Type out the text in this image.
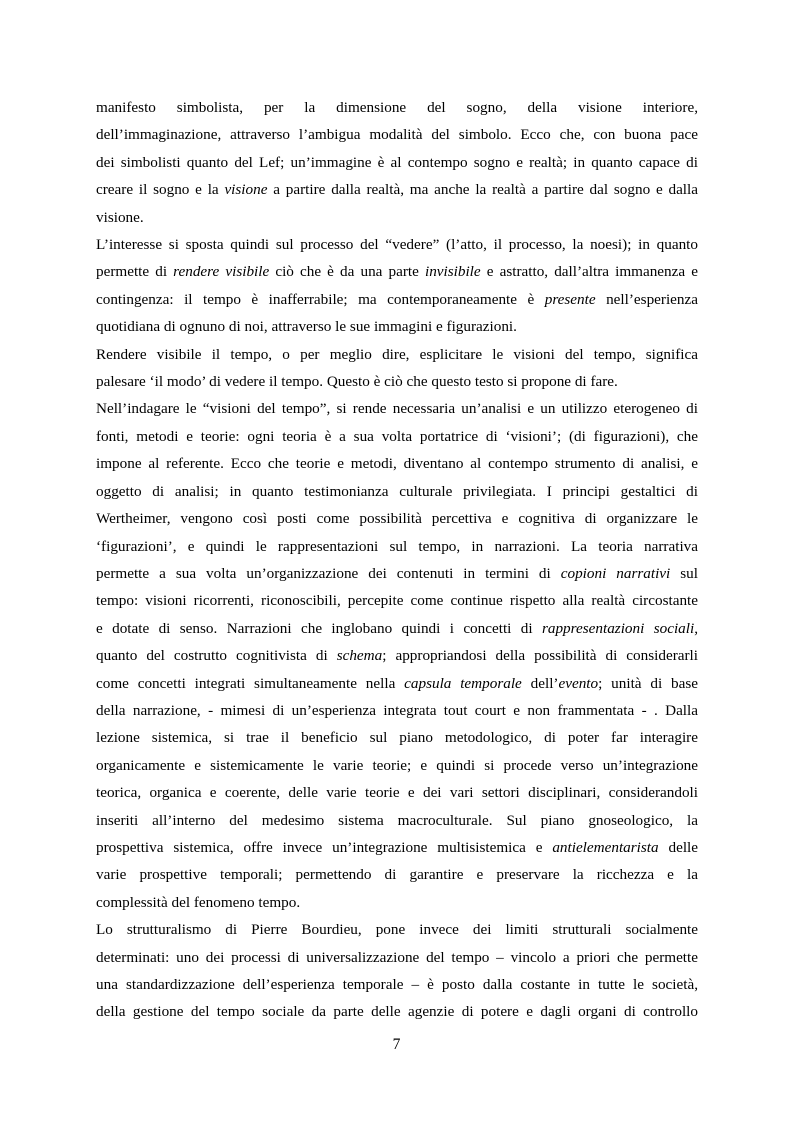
manifesto simbolista, per la dimensione del sogno, della visione interiore,
dell’immaginazione, attraverso l’ambigua modalità del simbolo. Ecco che, con buona pace
dei simbolisti quanto del Lef; un’immagine è al contempo sogno e realtà; in quanto capace di
creare il sogno e la visione a partire dalla realtà, ma anche la realtà a partire dal sogno e dalla
visione.
L’interesse si sposta quindi sul processo del “vedere” (l’atto, il processo, la noesi); in quanto
permette di rendere visibile ciò che è da una parte invisibile e astratto, dall’altra immanenza e
contingenza: il tempo è inafferrabile; ma contemporaneamente è presente nell’esperienza
quotidiana di ognuno di noi, attraverso le sue immagini e figurazioni.
Rendere visibile il tempo, o per meglio dire, esplicitare le visioni del tempo, significa
palesare ‘il modo’ di vedere il tempo. Questo è ciò che questo testo si propone di fare.
Nell’indagare le “visioni del tempo”, si rende necessaria un’analisi e un utilizzo eterogeneo di
fonti, metodi e teorie: ogni teoria è a sua volta portatrice di ‘visioni’; (di figurazioni), che
impone al referente. Ecco che teorie e metodi, diventano al contempo strumento di analisi, e
oggetto di analisi; in quanto testimonianza culturale privilegiata. I principi gestaltici di
Wertheimer, vengono così posti come possibilità percettiva e cognitiva di organizzare le
‘figurazioni’, e quindi le rappresentazioni sul tempo, in narrazioni. La teoria narrativa
permette a sua volta un’organizzazione dei contenuti in termini di copioni narrativi sul
tempo: visioni ricorrenti, riconoscibili, percepite come continue rispetto alla realtà circostante
e dotate di senso. Narrazioni che inglobano quindi i concetti di rappresentazioni sociali,
quanto del costrutto cognitivista di schema; appropriandosi della possibilità di considerarli
come concetti integrati simultaneamente nella capsula temporale dell’evento; unità di base
della narrazione, - mimesi di un’esperienza integrata tout court e non frammentata - . Dalla
lezione sistemica, si trae il beneficio sul piano metodologico, di poter far interagire
organicamente e sistemicamente le varie teorie; e quindi si procede verso un’integrazione
teorica, organica e coerente, delle varie teorie e dei vari settori disciplinari, considerandoli
inseriti all’interno del medesimo sistema macroculturale. Sul piano gnoseologico, la
prospettiva sistemica, offre invece un’integrazione multisistemica e antielementarista delle
varie prospettive temporali; permettendo di garantire e preservare la ricchezza e la
complessità del fenomeno tempo.
Lo strutturalismo di Pierre Bourdieu, pone invece dei limiti strutturali socialmente
determinati: uno dei processi di universalizzazione del tempo – vincolo a priori che permette
una standardizzazione dell’esperienza temporale – è posto dalla costante in tutte le società,
della gestione del tempo sociale da parte delle agenzie di potere e dagli organi di controllo
7
